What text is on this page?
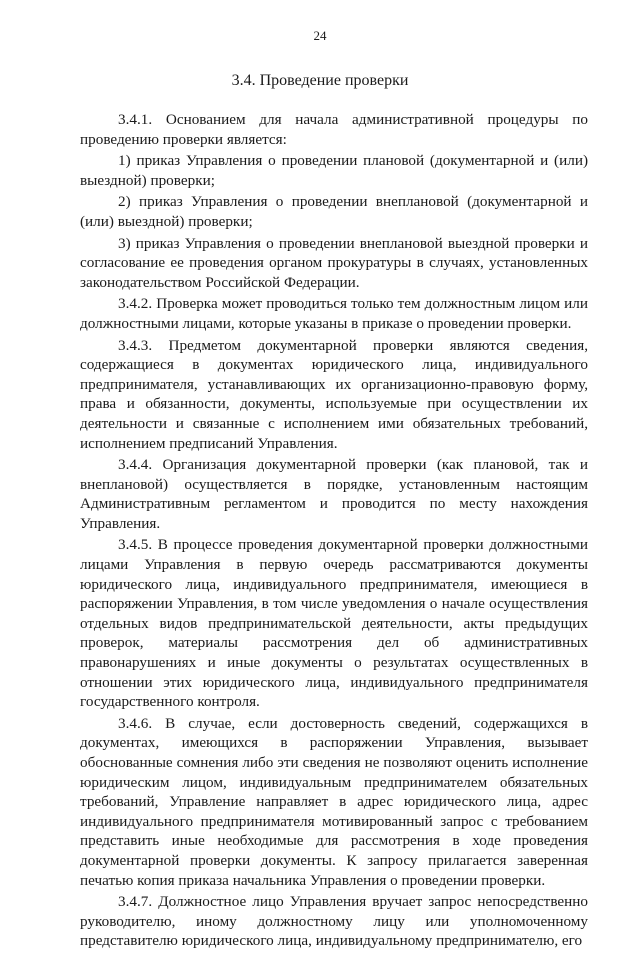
24
3.4. Проведение проверки

3.4.1. Основанием для начала административной процедуры по проведению проверки является:

1) приказ Управления о проведении плановой (документарной и (или) выездной) проверки;

2) приказ Управления о проведении внеплановой (документарной и (или) выездной) проверки;

3) приказ Управления о проведении внеплановой выездной проверки и согласование ее проведения органом прокуратуры в случаях, установленных законодательством Российской Федерации.

3.4.2. Проверка может проводиться только тем должностным лицом или должностными лицами, которые указаны в приказе о проведении проверки.

3.4.3. Предметом документарной проверки являются сведения, содержащиеся в документах юридического лица, индивидуального предпринимателя, устанавливающих их организационно-правовую форму, права и обязанности, документы, используемые при осуществлении их деятельности и связанные с исполнением ими обязательных требований, исполнением предписаний Управления.

3.4.4. Организация документарной проверки (как плановой, так и внеплановой) осуществляется в порядке, установленным настоящим Административным регламентом и проводится по месту нахождения Управления.

3.4.5. В процессе проведения документарной проверки должностными лицами Управления в первую очередь рассматриваются документы юридического лица, индивидуального предпринимателя, имеющиеся в распоряжении Управления, в том числе уведомления о начале осуществления отдельных видов предпринимательской деятельности, акты предыдущих проверок, материалы рассмотрения дел об административных правонарушениях и иные документы о результатах осуществленных в отношении этих юридического лица, индивидуального предпринимателя государственного контроля.

3.4.6. В случае, если достоверность сведений, содержащихся в документах, имеющихся в распоряжении Управления, вызывает обоснованные сомнения либо эти сведения не позволяют оценить исполнение юридическим лицом, индивидуальным предпринимателем обязательных требований, Управление направляет в адрес юридического лица, адрес индивидуального предпринимателя мотивированный запрос с требованием представить иные необходимые для рассмотрения в ходе проведения документарной проверки документы. К запросу прилагается заверенная печатью копия приказа начальника Управления о проведении проверки.

3.4.7. Должностное лицо Управления вручает запрос непосредственно руководителю, иному должностному лицу или уполномоченному представителю юридического лица, индивидуальному предпринимателю, его
